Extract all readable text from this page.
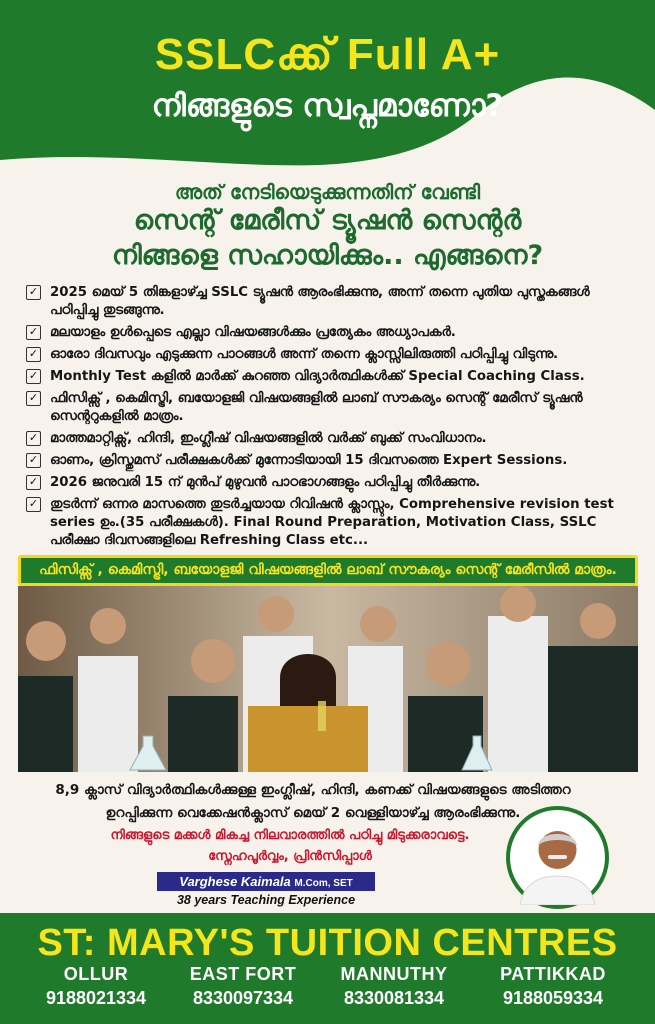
SSLCക്ക് Full A+
നിങ്ങളുടെ സ്വപ്നമാണോ?
അത് നേടിയെടുക്കുന്നതിന് വേണ്ടി
സെന്റ് മേരീസ് ട്യൂഷൻ സെന്റർ
നിങ്ങളെ സഹായിക്കും.. എങ്ങനെ?
✓ 2025 മെയ് 5 തിങ്കളാഴ്ച്ച SSLC ട്യൂഷൻ ആരംഭിക്കുന്നു, അന്ന് തന്നെ പുതിയ പുസ്തകങ്ങൾ പഠിപ്പിച്ചു തുടങ്ങുന്നു.
✓ മലയാളം ഉൾപ്പെടെ എല്ലാ വിഷയങ്ങൾക്കും പ്രത്യേകം അധ്യാപകർ.
✓ ഓരോ ദിവസവും എടുക്കുന്ന പാഠങ്ങൾ അന്ന് തന്നെ ക്ലാസ്സിലിരുത്തി പഠിപ്പിച്ചു വിടുന്നു.
✓ Monthly Test കളിൽ മാർക്ക് കുറഞ്ഞ വിദ്യാർത്ഥികൾക്ക് Special Coaching Class.
✓ ഫിസിക്സ് , കെമിസ്ട്രി, ബയോളജി വിഷയങ്ങളിൽ ലാബ് സൗകര്യം സെന്റ് മേരീസ് ട്യൂഷൻ സെന്ററുകളിൽ മാത്രം.
✓ മാത്തമാറ്റിക്സ്, ഹിന്ദി, ഇംഗ്ലീഷ് വിഷയങ്ങളിൽ വർക്ക് ബുക്ക് സംവിധാനം.
✓ ഓണം, ക്രിസ്തുമസ് പരീക്ഷകൾക്ക് മുന്നോടിയായി 15 ദിവസത്തെ Expert Sessions.
✓ 2026 ജനുവരി 15 ന് മുൻപ് മുഴുവൻ പാഠഭാഗങ്ങളും പഠിപ്പിച്ചു തീർക്കുന്നു.
✓ തുടർന്ന് ഒന്നര മാസത്തെ തുടർച്ചയായ റിവിഷൻ ക്ലാസ്സും, Comprehensive revision test series ഉം.(35 പരീക്ഷകൾ). Final Round Preparation, Motivation Class, SSLC പരീക്ഷാ ദിവസങ്ങളിലെ Refreshing Class etc...
ഫിസിക്സ് , കെമിസ്ട്രി, ബയോളജി വിഷയങ്ങളിൽ ലാബ് സൗകര്യം സെന്റ് മേരീസിൽ മാത്രം.
8,9 ക്ലാസ് വിദ്യാർത്ഥികൾക്കുള്ള ഇംഗ്ലീഷ്, ഹിന്ദി, കണക്ക് വിഷയങ്ങളുടെ അടിത്തറ
ഉറപ്പിക്കുന്ന വെക്കേഷൻക്ലാസ് മെയ് 2 വെള്ളിയാഴ്ച്ച ആരംഭിക്കുന്നു.
നിങ്ങളുടെ മക്കൾ മികച്ച നിലവാരത്തിൽ പഠിച്ചു മിടുക്കരാവട്ടെ.
സ്നേഹപൂർവ്വം, പ്രിൻസിപ്പാൾ
Varghese Kaimala M.Com, SET
38 years Teaching Experience
ST: MARY'S TUITION CENTRES
OLLUR
9188021334
EAST FORT
8330097334
MANNUTHY
8330081334
PATTIKKAD
9188059334
